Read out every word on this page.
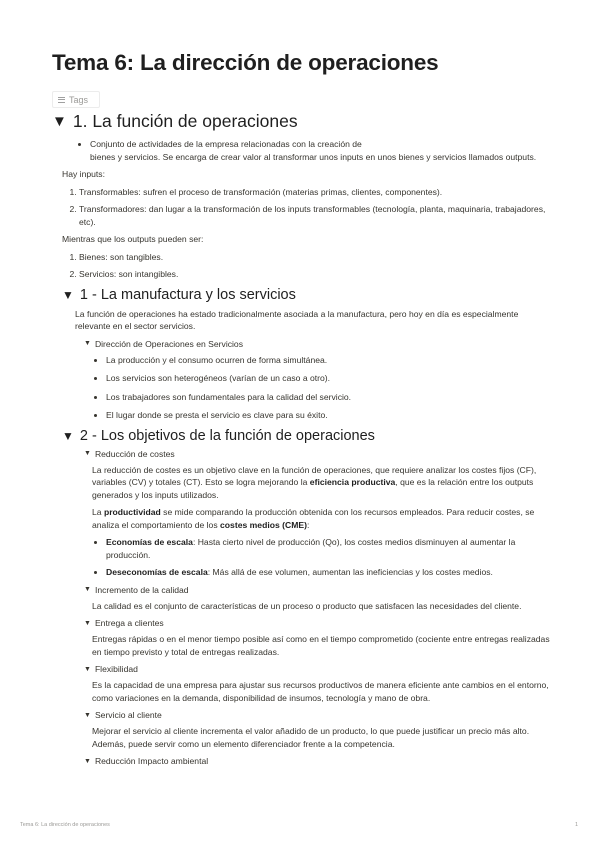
Tema 6: La dirección de operaciones
Tags
▼ 1. La función de operaciones
• Conjunto de actividades de la empresa relacionadas con la creación de
bienes y servicios. Se encarga de crear valor al transformar unos inputs en unos bienes y servicios llamados outputs.
Hay inputs:
1. Transformables: sufren el proceso de transformación (materias primas, clientes, componentes).
2. Transformadores: dan lugar a la transformación de los inputs transformables (tecnología, planta, maquinaria, trabajadores, etc).
Mientras que los outputs pueden ser:
1. Bienes: son tangibles.
2. Servicios: son intangibles.
▼ 1 - La manufactura y los servicios
La función de operaciones ha estado tradicionalmente asociada a la manufactura, pero hoy en día es especialmente relevante en el sector servicios.
▼ Dirección de Operaciones en Servicios
• La producción y el consumo ocurren de forma simultánea.
• Los servicios son heterogéneos (varían de un caso a otro).
• Los trabajadores son fundamentales para la calidad del servicio.
• El lugar donde se presta el servicio es clave para su éxito.
▼ 2 - Los objetivos de la función de operaciones
▼ Reducción de costes
La reducción de costes es un objetivo clave en la función de operaciones, que requiere analizar los costes fijos (CF), variables (CV) y totales (CT). Esto se logra mejorando la eficiencia productiva, que es la relación entre los outputs generados y los inputs utilizados.
La productividad se mide comparando la producción obtenida con los recursos empleados. Para reducir costes, se analiza el comportamiento de los costes medios (CME):
• Economías de escala: Hasta cierto nivel de producción (Qo), los costes medios disminuyen al aumentar la producción.
• Deseconomías de escala: Más allá de ese volumen, aumentan las ineficiencias y los costes medios.
▼ Incremento de la calidad
La calidad es el conjunto de características de un proceso o producto que satisfacen las necesidades del cliente.
▼ Entrega a clientes
Entregas rápidas o en el menor tiempo posible así como en el tiempo comprometido (cociente entre entregas realizadas en tiempo previsto y total de entregas realizadas.
▼ Flexibilidad
Es la capacidad de una empresa para ajustar sus recursos productivos de manera eficiente ante cambios en el entorno, como variaciones en la demanda, disponibilidad de insumos, tecnología y mano de obra.
▼ Servicio al cliente
Mejorar el servicio al cliente incrementa el valor añadido de un producto, lo que puede justificar un precio más alto. Además, puede servir como un elemento diferenciador frente a la competencia.
▼ Reducción Impacto ambiental
Tema 6: La dirección de operaciones	1
